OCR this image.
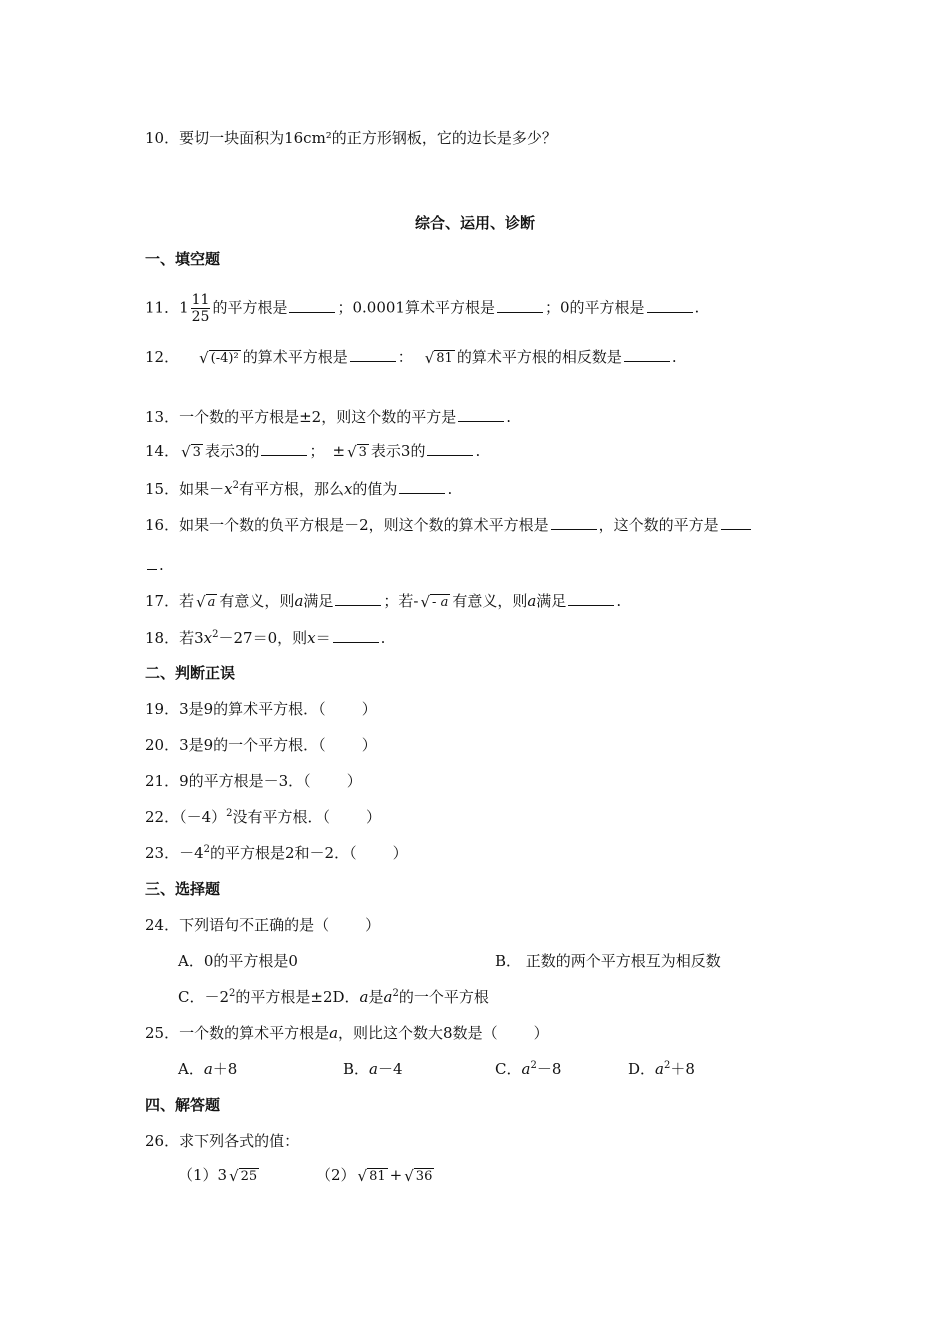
10．要切一块面积为16cm²的正方形钢板，它的边长是多少？
综合、运用、诊断
一、填空题
11．$1 \frac{11}{25}$ 的平方根是	；0.0001算术平方根是	；0的平方根是	.
12． √ (-4)² 的算术平方根是	： √ 81 的算术平方根的相反数是	.
13．一个数的平方根是±2，则这个数的平方是	.
14． √ 3 表示3的	； ± √ 3 表示3的	.
15．如果$-x^2$有平方根，那么x的值为	.
16．如果一个数的负平方根是－2，则这个数的算术平方根是	，这个数的平方是
.
17．若 √ a 有意义，则a满足	；若- √ - a 有意义，则a满足	.
18．若$3x^2-27=0$，则x＝	.
二、判断正误
19．3是9的算术平方根．（ ）
20．3是9的一个平方根．（ ）
21．9的平方根是－3．（ ）
22．$(-4)^2$没有平方根．（ ）
23．$-4^2$的平方根是2和－2．（ ）
三、选择题
24．下列语句不正确的是（ ）
A．0的平方根是0	B． 正数的两个平方根互为相反数
C．$-2^2$的平方根是±2D．a是$a^2$的一个平方根
25．一个数的算术平方根是a，则比这个数大8数是（ ）
A．a＋8	B．a－4	C．$a^2-8$	D．$a^2+8$
四、解答题
26．求下列各式的值：
（1）3 √ 25	（2） √ 81 + √ 36
